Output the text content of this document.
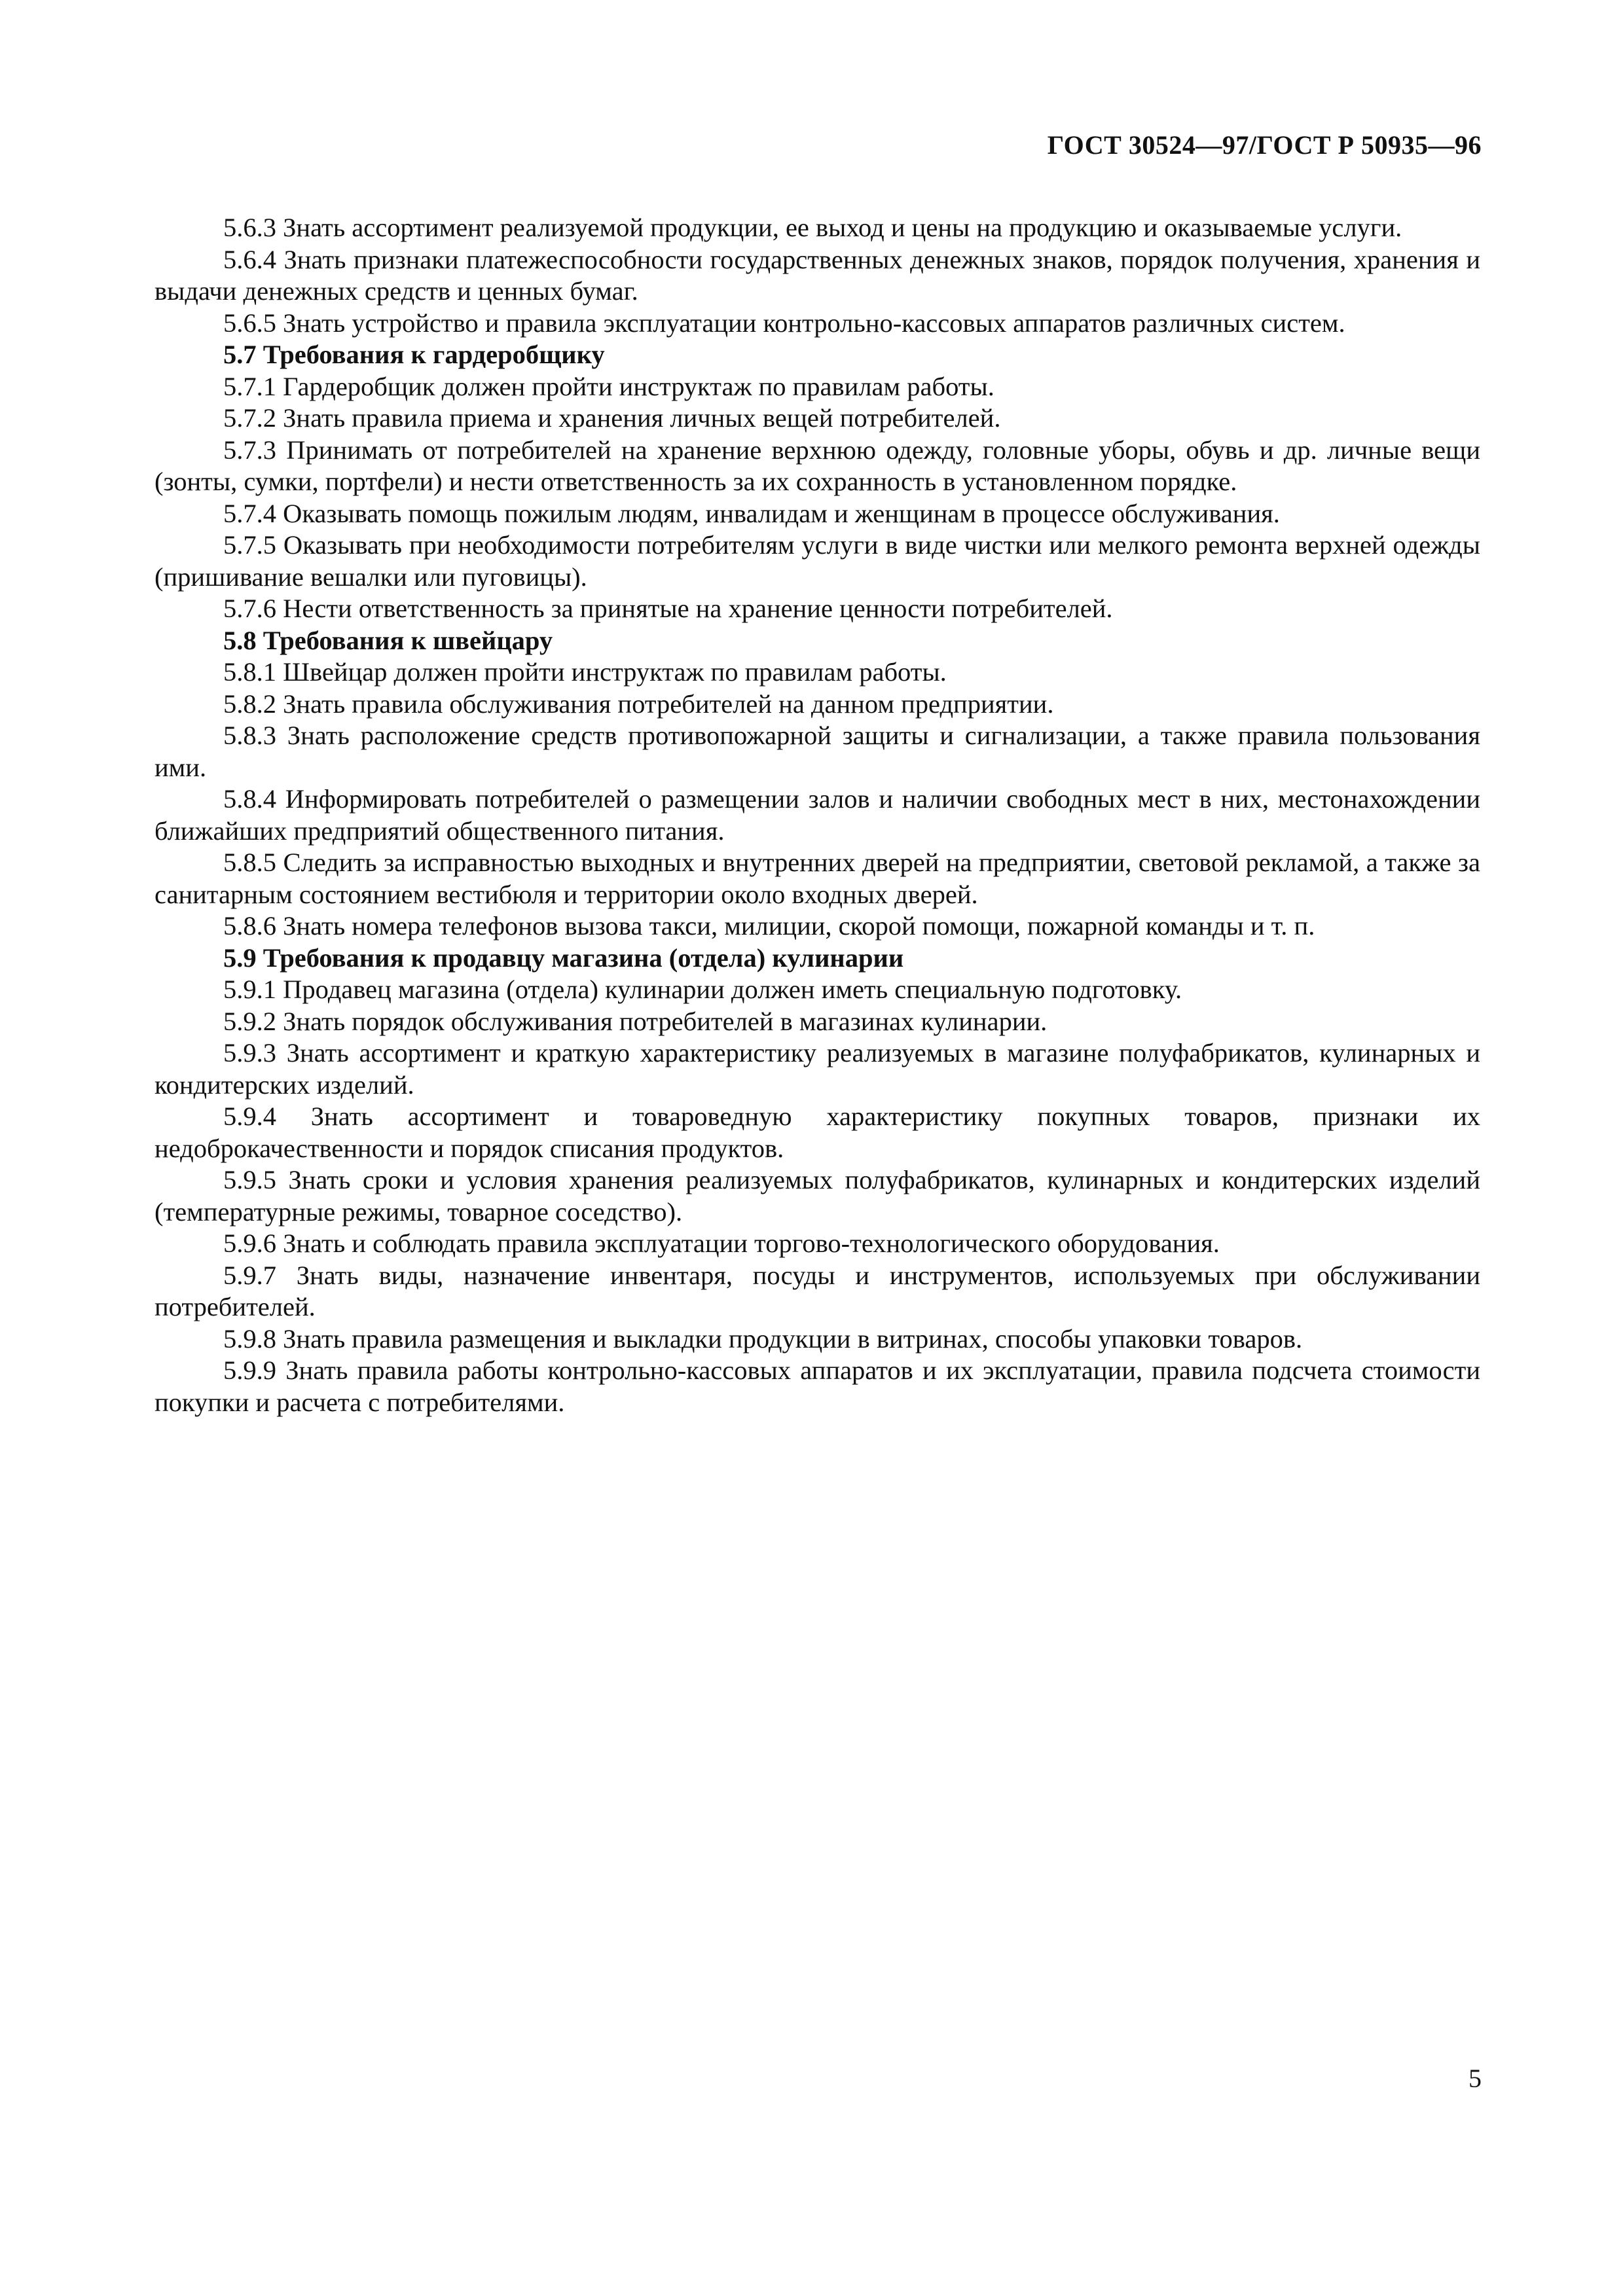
ГОСТ 30524—97/ГОСТ Р 50935—96

5.6.3 Знать ассортимент реализуемой продукции, ее выход и цены на продукцию и оказываемые услуги.

5.6.4 Знать признаки платежеспособности государственных денежных знаков, порядок получения, хранения и выдачи денежных средств и ценных бумаг.

5.6.5 Знать устройство и правила эксплуатации контрольно-кассовых аппаратов различных систем.

5.7 Требования к гардеробщику

5.7.1 Гардеробщик должен пройти инструктаж по правилам работы.

5.7.2 Знать правила приема и хранения личных вещей потребителей.

5.7.3 Принимать от потребителей на хранение верхнюю одежду, головные уборы, обувь и др. личные вещи (зонты, сумки, портфели) и нести ответственность за их сохранность в установленном порядке.

5.7.4 Оказывать помощь пожилым людям, инвалидам и женщинам в процессе обслуживания.

5.7.5 Оказывать при необходимости потребителям услуги в виде чистки или мелкого ремонта верхней одежды (пришивание вешалки или пуговицы).

5.7.6 Нести ответственность за принятые на хранение ценности потребителей.

5.8 Требования к швейцару

5.8.1 Швейцар должен пройти инструктаж по правилам работы.

5.8.2 Знать правила обслуживания потребителей на данном предприятии.

5.8.3 Знать расположение средств противопожарной защиты и сигнализации, а также правила пользования ими.

5.8.4 Информировать потребителей о размещении залов и наличии свободных мест в них, местонахождении ближайших предприятий общественного питания.

5.8.5 Следить за исправностью выходных и внутренних дверей на предприятии, световой рекламой, а также за санитарным состоянием вестибюля и территории около входных дверей.

5.8.6 Знать номера телефонов вызова такси, милиции, скорой помощи, пожарной команды и т. п.

5.9 Требования к продавцу магазина (отдела) кулинарии

5.9.1 Продавец магазина (отдела) кулинарии должен иметь специальную подготовку.

5.9.2 Знать порядок обслуживания потребителей в магазинах кулинарии.

5.9.3 Знать ассортимент и краткую характеристику реализуемых в магазине полуфабрикатов, кулинарных и кондитерских изделий.

5.9.4 Знать ассортимент и товароведную характеристику покупных товаров, признаки их недоброкачественности и порядок списания продуктов.

5.9.5 Знать сроки и условия хранения реализуемых полуфабрикатов, кулинарных и кондитерских изделий (температурные режимы, товарное соседство).

5.9.6 Знать и соблюдать правила эксплуатации торгово-технологического оборудования.

5.9.7 Знать виды, назначение инвентаря, посуды и инструментов, используемых при обслуживании потребителей.

5.9.8 Знать правила размещения и выкладки продукции в витринах, способы упаковки товаров.

5.9.9 Знать правила работы контрольно-кассовых аппаратов и их эксплуатации, правила подсчета стоимости покупки и расчета с потребителями.

5
